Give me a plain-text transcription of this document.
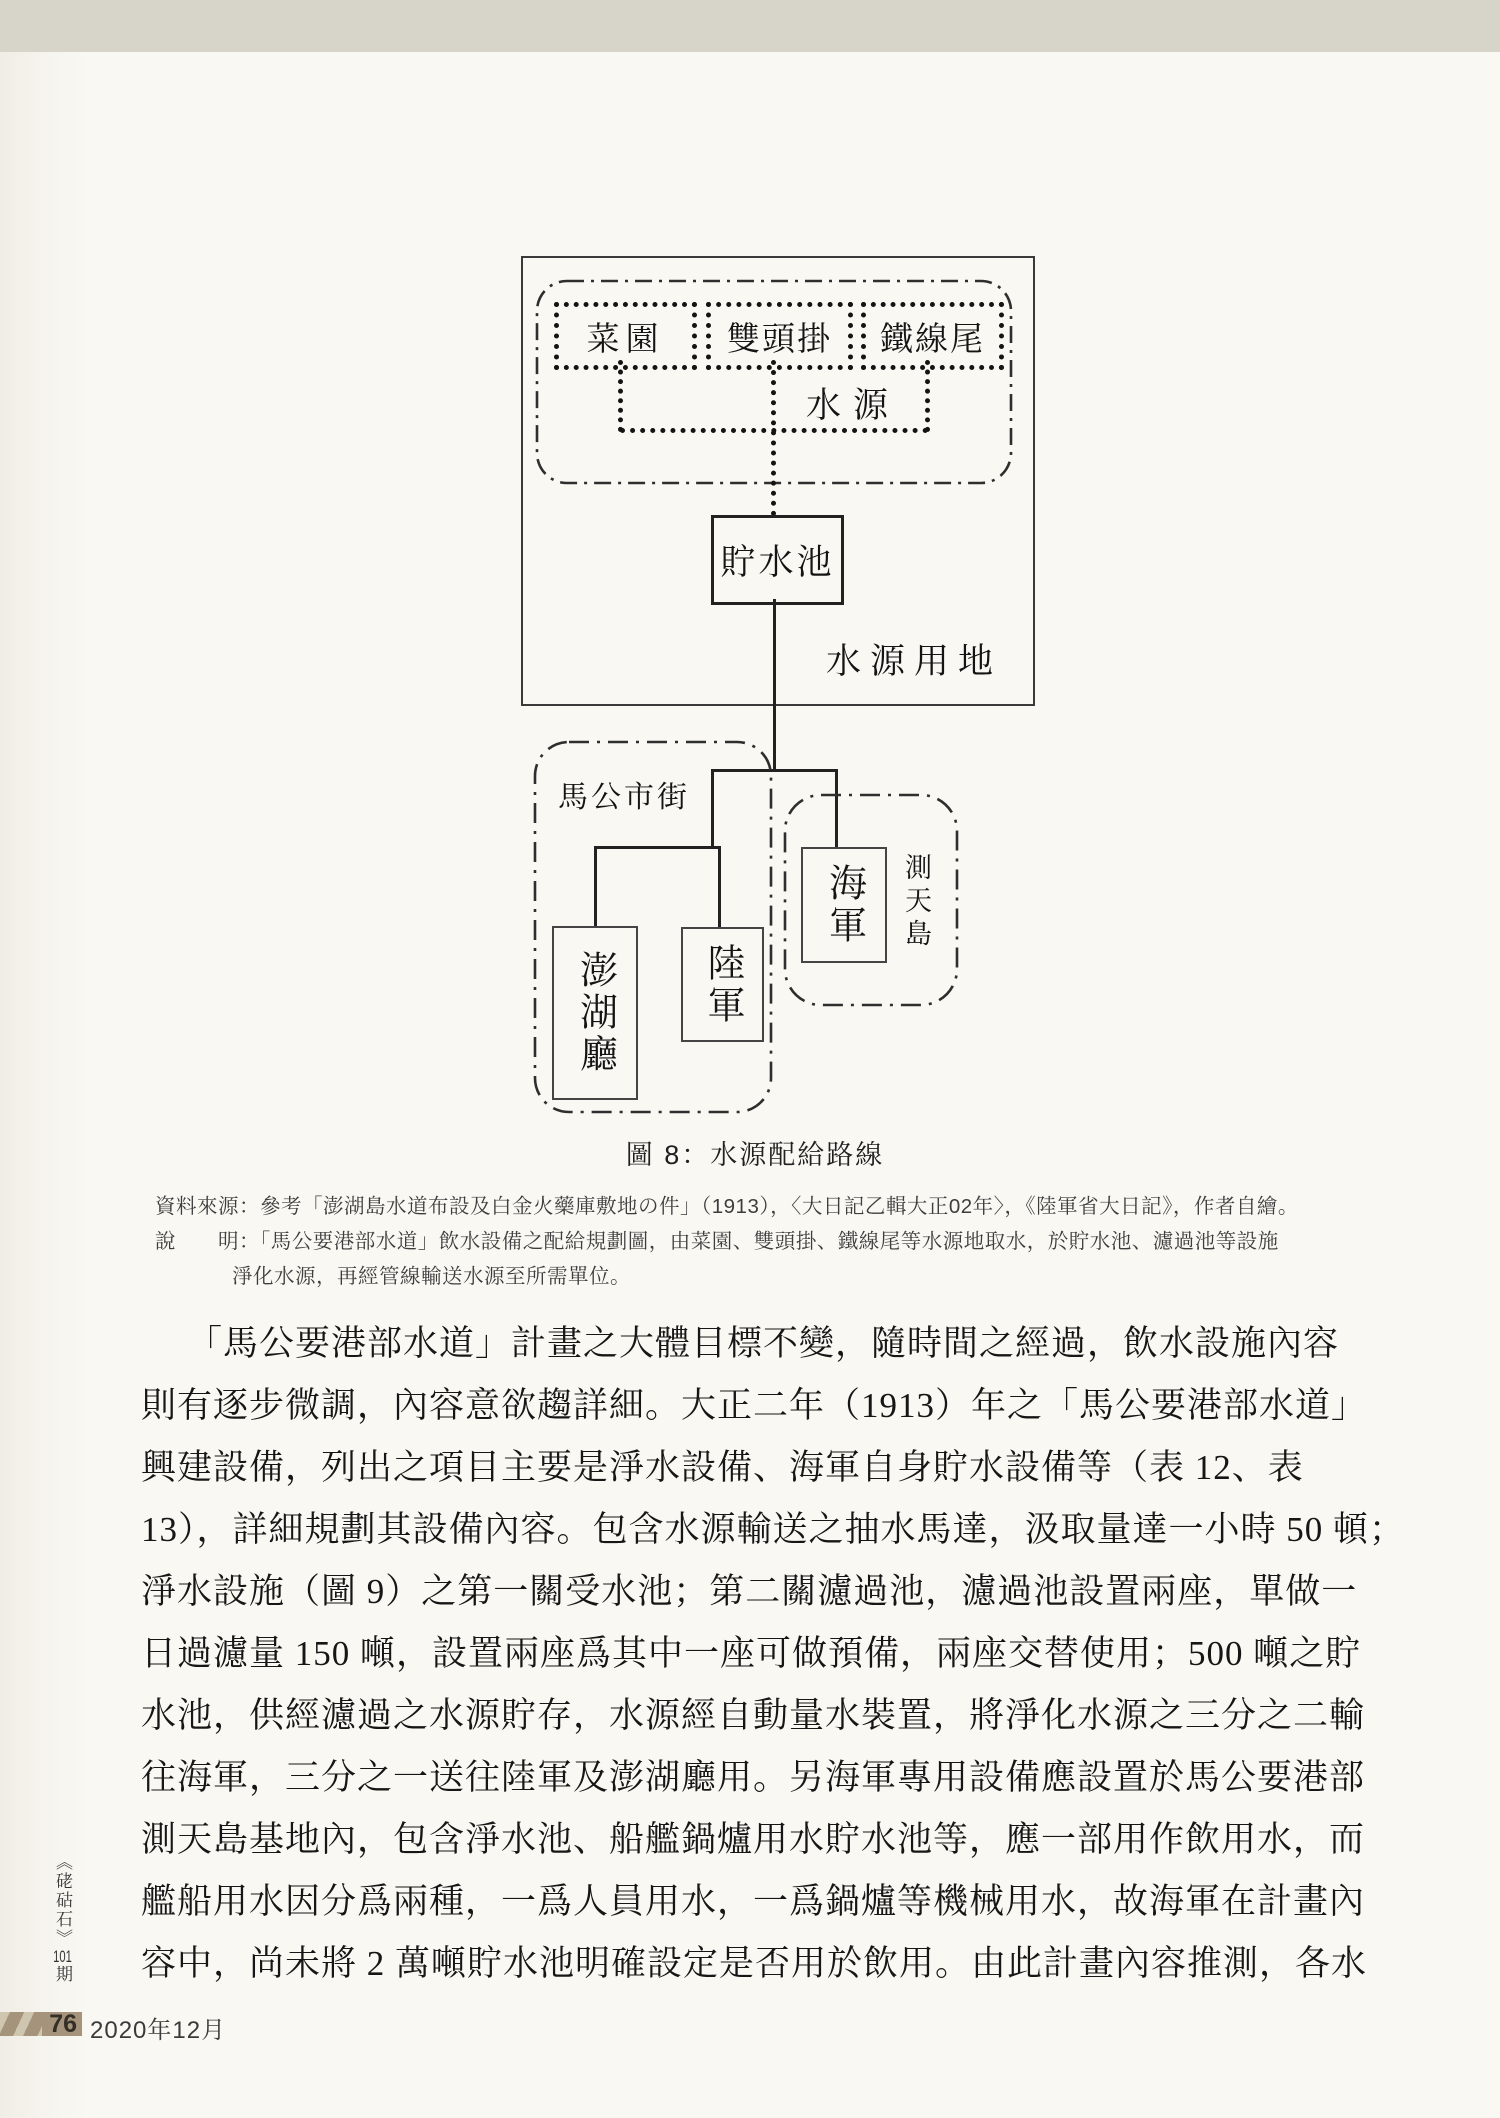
菜園 雙頭掛 鐵線尾
水源
貯水池
水源用地
馬公市街
澎湖廳 陸軍
海軍 測天島
圖 8：水源配給路線
資料來源：參考「澎湖島水道布設及白金火藥庫敷地の件」（1913），〈大日記乙輯大正02年〉，《陸軍省大日記》，作者自繪。
說　　明：「馬公要港部水道」飲水設備之配給規劃圖，由菜園、雙頭掛、鐵線尾等水源地取水，於貯水池、濾過池等設施
淨化水源，再經管線輸送水源至所需單位。
「馬公要港部水道」計畫之大體目標不變，隨時間之經過，飲水設施內容
則有逐步微調，內容意欲趨詳細。大正二年（1913）年之「馬公要港部水道」
興建設備，列出之項目主要是淨水設備、海軍自身貯水設備等（表 12、表
13），詳細規劃其設備內容。包含水源輸送之抽水馬達，汲取量達一小時 50 頓；
淨水設施（圖 9）之第一關受水池；第二關濾過池，濾過池設置兩座，單做一
日過濾量 150 噸，設置兩座爲其中一座可做預備，兩座交替使用；500 噸之貯
水池，供經濾過之水源貯存，水源經自動量水裝置，將淨化水源之三分之二輸
往海軍，三分之一送往陸軍及澎湖廳用。另海軍專用設備應設置於馬公要港部
測天島基地內，包含淨水池、船艦鍋爐用水貯水池等，應一部用作飲用水，而
艦船用水因分爲兩種，一爲人員用水，一爲鍋爐等機械用水，故海軍在計畫內
容中，尚未將 2 萬噸貯水池明確設定是否用於飲用。由此計畫內容推測，各水
《硓𥑮石》101期
76 2020年12月
